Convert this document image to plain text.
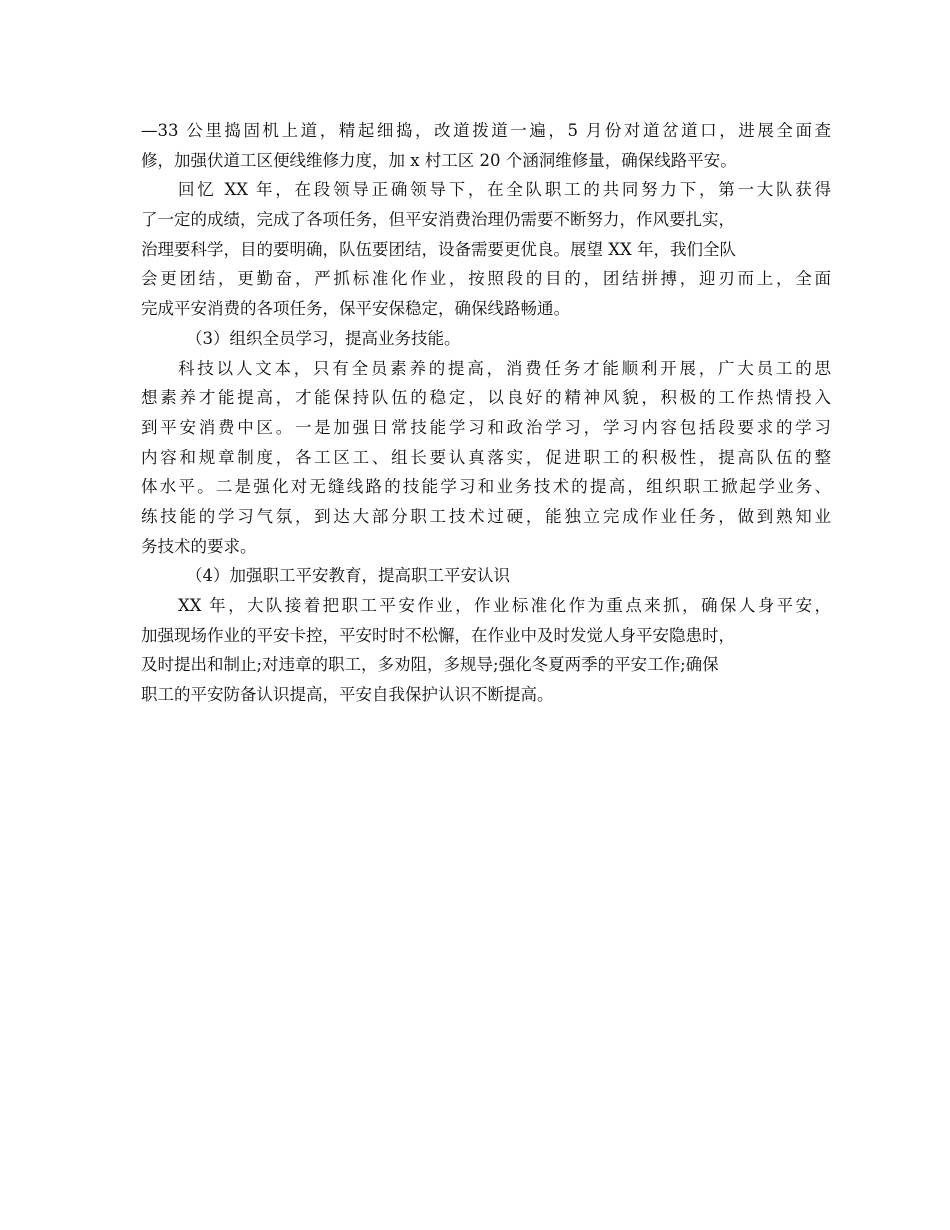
—33 公里捣固机上道，精起细捣，改道拨道一遍，5 月份对道岔道口，进展全面查
修，加强伏道工区便线维修力度，加 x 村工区 20 个涵洞维修量，确保线路平安。
回忆 XX 年，在段领导正确领导下，在全队职工的共同努力下，第一大队获得
了一定的成绩，完成了各项任务，但平安消费治理仍需要不断努力，作风要扎实，
治理要科学，目的要明确，队伍要团结，设备需要更优良。展望 XX 年，我们全队
会更团结，更勤奋，严抓标准化作业，按照段的目的，团结拼搏，迎刃而上，全面
完成平安消费的各项任务，保平安保稳定，确保线路畅通。
（3）组织全员学习，提高业务技能。
科技以人文本，只有全员素养的提高，消费任务才能顺利开展，广大员工的思
想素养才能提高，才能保持队伍的稳定，以良好的精神风貌，积极的工作热情投入
到平安消费中区。一是加强日常技能学习和政治学习，学习内容包括段要求的学习
内容和规章制度，各工区工、组长要认真落实，促进职工的积极性，提高队伍的整
体水平。二是强化对无缝线路的技能学习和业务技术的提高，组织职工掀起学业务、
练技能的学习气氛，到达大部分职工技术过硬，能独立完成作业任务，做到熟知业
务技术的要求。
（4）加强职工平安教育，提高职工平安认识
XX 年，大队接着把职工平安作业，作业标准化作为重点来抓，确保人身平安，
加强现场作业的平安卡控，平安时时不松懈，在作业中及时发觉人身平安隐患时，
及时提出和制止;对违章的职工，多劝阻，多规导;强化冬夏两季的平安工作;确保
职工的平安防备认识提高，平安自我保护认识不断提高。
